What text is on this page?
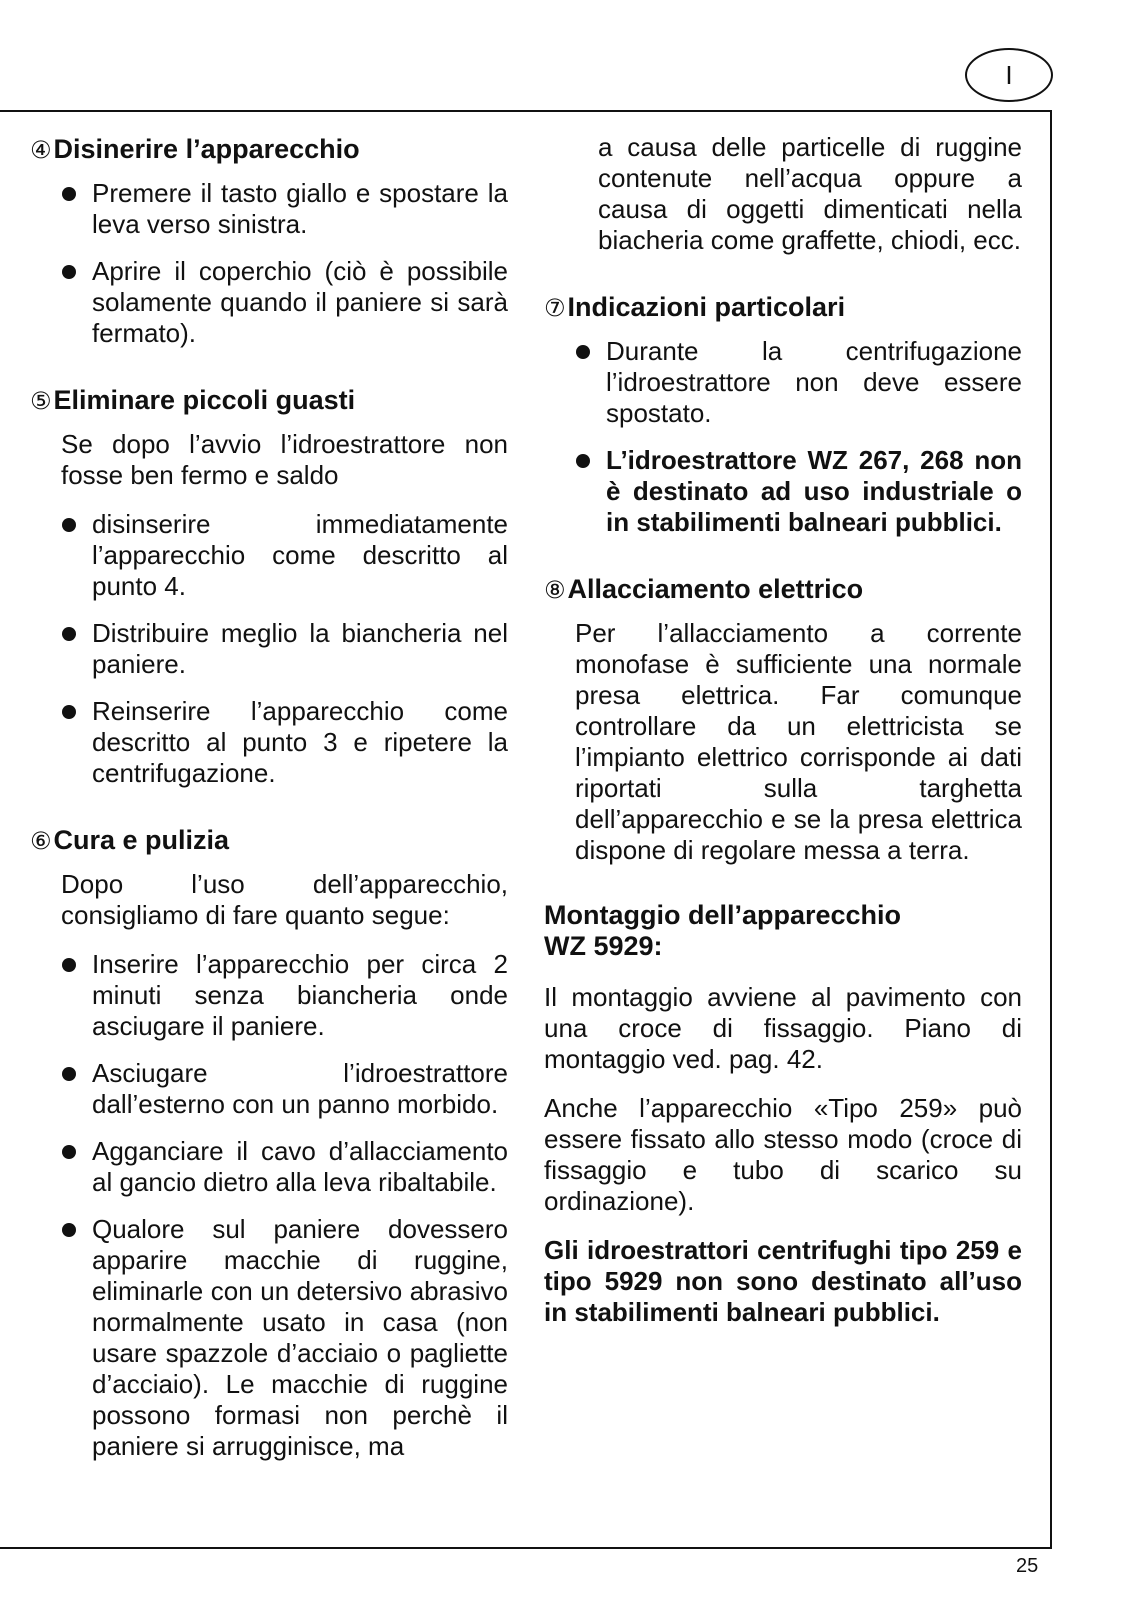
I
④Disinerire l’apparecchio
Premere il tasto giallo e spostare la leva verso sinistra.
Aprire il coperchio (ciò è possibile solamente quando il paniere si sarà fermato).
⑤Eliminare piccoli guasti

Se dopo l’avvio l’idroestrattore non fosse ben fermo e saldo

disinserire immediatamente l’apparecchio come descritto al punto 4.
Distribuire meglio la biancheria nel paniere.
Reinserire l’apparecchio come descritto al punto 3 e ripetere la centrifugazione.
⑥Cura e pulizia

Dopo l’uso dell’apparecchio, consigliamo di fare quanto segue:

Inserire l’apparecchio per circa 2 minuti senza biancheria onde asciugare il paniere.
Asciugare l’idroestrattore dall’esterno con un panno morbido.
Agganciare il cavo d’allacciamento al gancio dietro alla leva ribaltabile.
Qualore sul paniere dovessero apparire macchie di ruggine, eliminarle con un detersivo abrasivo normalmente usato in casa (non usare spazzole d’acciaio o pagliette d’acciaio). Le macchie di ruggine possono formasi non perchè il paniere si arrugginisce, ma

a causa delle particelle di ruggine contenute nell’acqua oppure a causa di oggetti dimenticati nella biacheria come graffette, chiodi, ecc.

⑦Indicazioni particolari
Durante la centrifugazione l’idroestrattore non deve essere spostato.
L’idroestrattore WZ 267, 268 non è destinato ad uso industriale o in stabilimenti balneari pubblici.
⑧Allacciamento elettrico

Per l’allacciamento a corrente monofase è sufficiente una normale presa elettrica. Far comunque controllare da un elettricista se l’impianto elettrico corrisponde ai dati riportati sulla targhetta dell’apparecchio e se la presa elettrica dispone di regolare messa a terra.

Montaggio dell’apparecchio
WZ 5929:

Il montaggio avviene al pavimento con una croce di fissaggio. Piano di montaggio ved. pag. 42.

Anche l’apparecchio «Tipo 259» può essere fissato allo stesso modo (croce di fissaggio e tubo di scarico su ordinazione).

Gli idroestrattori centrifughi tipo 259 e tipo 5929 non sono destinato all’uso in stabilimenti balneari pubblici.

25
